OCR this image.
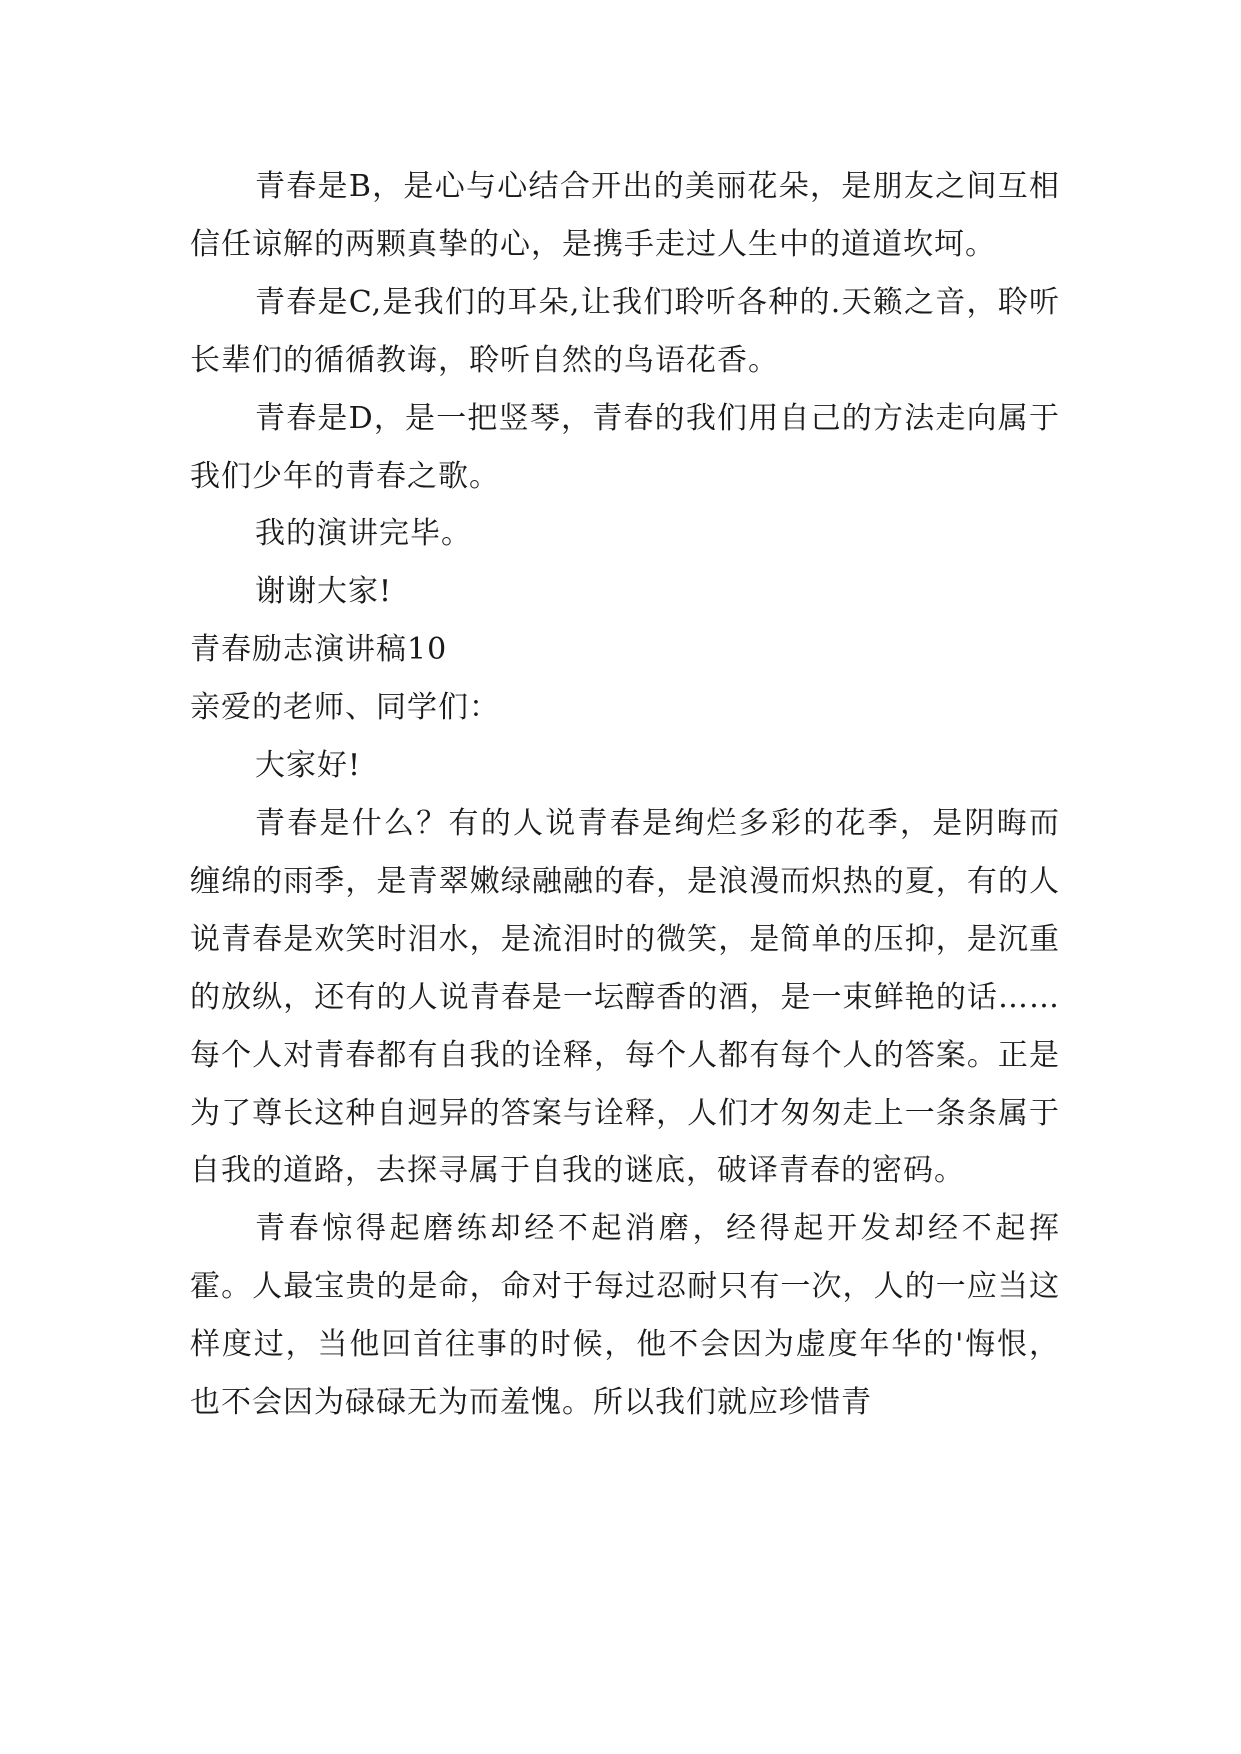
青春是B，是心与心结合开出的美丽花朵，是朋友之间互相信任谅解的两颗真挚的心，是携手走过人生中的道道坎坷。

青春是C,是我们的耳朵,让我们聆听各种的.天籁之音，聆听长辈们的循循教诲，聆听自然的鸟语花香。

青春是D，是一把竖琴，青春的我们用自己的方法走向属于我们少年的青春之歌。

我的演讲完毕。

谢谢大家!

青春励志演讲稿10

亲爱的老师、同学们：

大家好!

青春是什么？有的人说青春是绚烂多彩的花季，是阴晦而缠绵的雨季，是青翠嫩绿融融的春，是浪漫而炽热的夏，有的人说青春是欢笑时泪水，是流泪时的微笑，是简单的压抑，是沉重的放纵，还有的人说青春是一坛醇香的酒，是一束鲜艳的话……每个人对青春都有自我的诠释，每个人都有每个人的答案。正是为了尊长这种自迥异的答案与诠释，人们才匆匆走上一条条属于自我的道路，去探寻属于自我的谜底，破译青春的密码。

青春惊得起磨练却经不起消磨，经得起开发却经不起挥霍。人最宝贵的是命，命对于每过忍耐只有一次，人的一应当这样度过，当他回首往事的时候，他不会因为虚度年华的'悔恨，也不会因为碌碌无为而羞愧。所以我们就应珍惜青
